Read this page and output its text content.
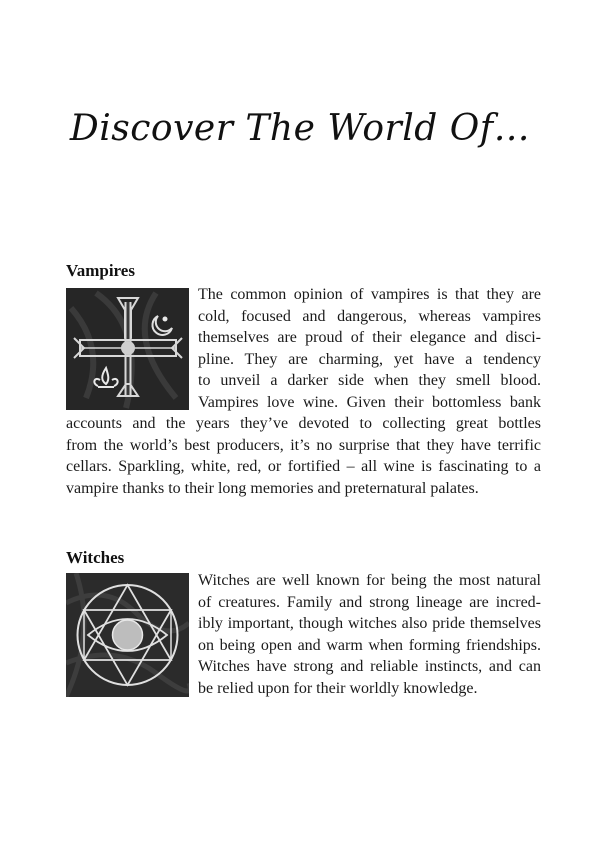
Discover The World Of…
Vampires
The common opinion of vampires is that they are
cold, focused and dangerous, whereas vampires
themselves are proud of their elegance and disci-
pline. They are charming, yet have a tendency
to unveil a darker side when they smell blood.
Vampires love wine. Given their bottomless bank
accounts and the years they’ve devoted to collecting great bottles
from the world’s best producers, it’s no surprise that they have terrific
cellars. Sparkling, white, red, or fortified – all wine is fascinating to a
vampire thanks to their long memories and preternatural palates.
Witches
Witches are well known for being the most natural
of creatures. Family and strong lineage are incred-
ibly important, though witches also pride themselves
on being open and warm when forming friendships.
Witches have strong and reliable instincts, and can
be relied upon for their worldly knowledge.
